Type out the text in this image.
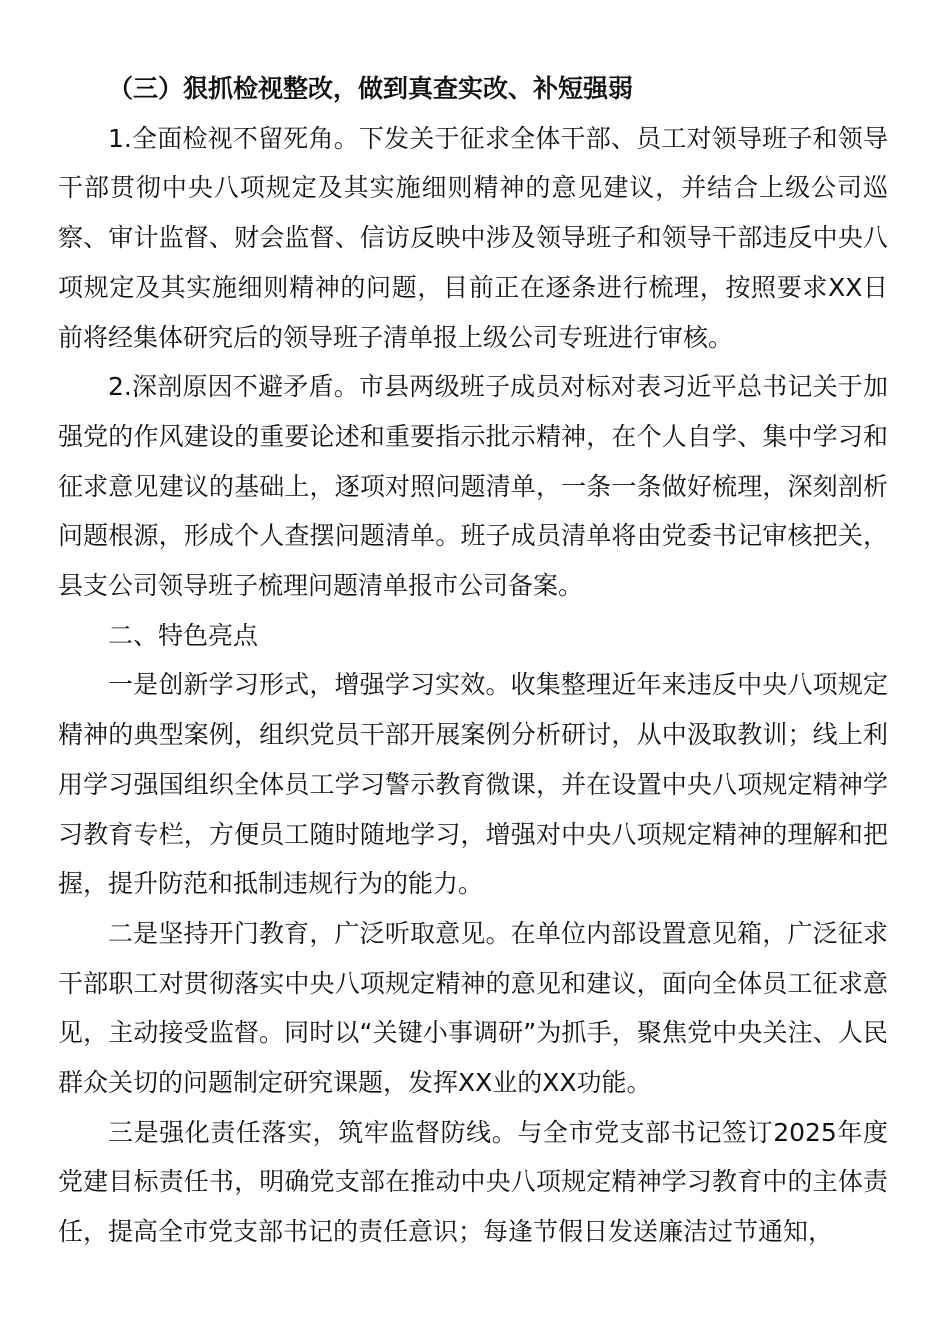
（三）狠抓检视整改，做到真查实改、补短强弱

1.全面检视不留死角。下发关于征求全体干部、员工对领导班子和领导干部贯彻中央八项规定及其实施细则精神的意见建议，并结合上级公司巡察、审计监督、财会监督、信访反映中涉及领导班子和领导干部违反中央八项规定及其实施细则精神的问题，目前正在逐条进行梳理，按照要求XX日前将经集体研究后的领导班子清单报上级公司专班进行审核。

2.深剖原因不避矛盾。市县两级班子成员对标对表习近平总书记关于加强党的作风建设的重要论述和重要指示批示精神，在个人自学、集中学习和征求意见建议的基础上，逐项对照问题清单，一条一条做好梳理，深刻剖析问题根源，形成个人查摆问题清单。班子成员清单将由党委书记审核把关，县支公司领导班子梳理问题清单报市公司备案。

二、特色亮点

一是创新学习形式，增强学习实效。收集整理近年来违反中央八项规定精神的典型案例，组织党员干部开展案例分析研讨，从中汲取教训；线上利用学习强国组织全体员工学习警示教育微课，并在设置中央八项规定精神学习教育专栏，方便员工随时随地学习，增强对中央八项规定精神的理解和把握，提升防范和抵制违规行为的能力。

二是坚持开门教育，广泛听取意见。在单位内部设置意见箱，广泛征求干部职工对贯彻落实中央八项规定精神的意见和建议，面向全体员工征求意见，主动接受监督。同时以“关键小事调研”为抓手，聚焦党中央关注、人民群众关切的问题制定研究课题，发挥XX业的XX功能。

三是强化责任落实，筑牢监督防线。与全市党支部书记签订2025年度党建目标责任书，明确党支部在推动中央八项规定精神学习教育中的主体责任，提高全市党支部书记的责任意识；每逢节假日发送廉洁过节通知，
